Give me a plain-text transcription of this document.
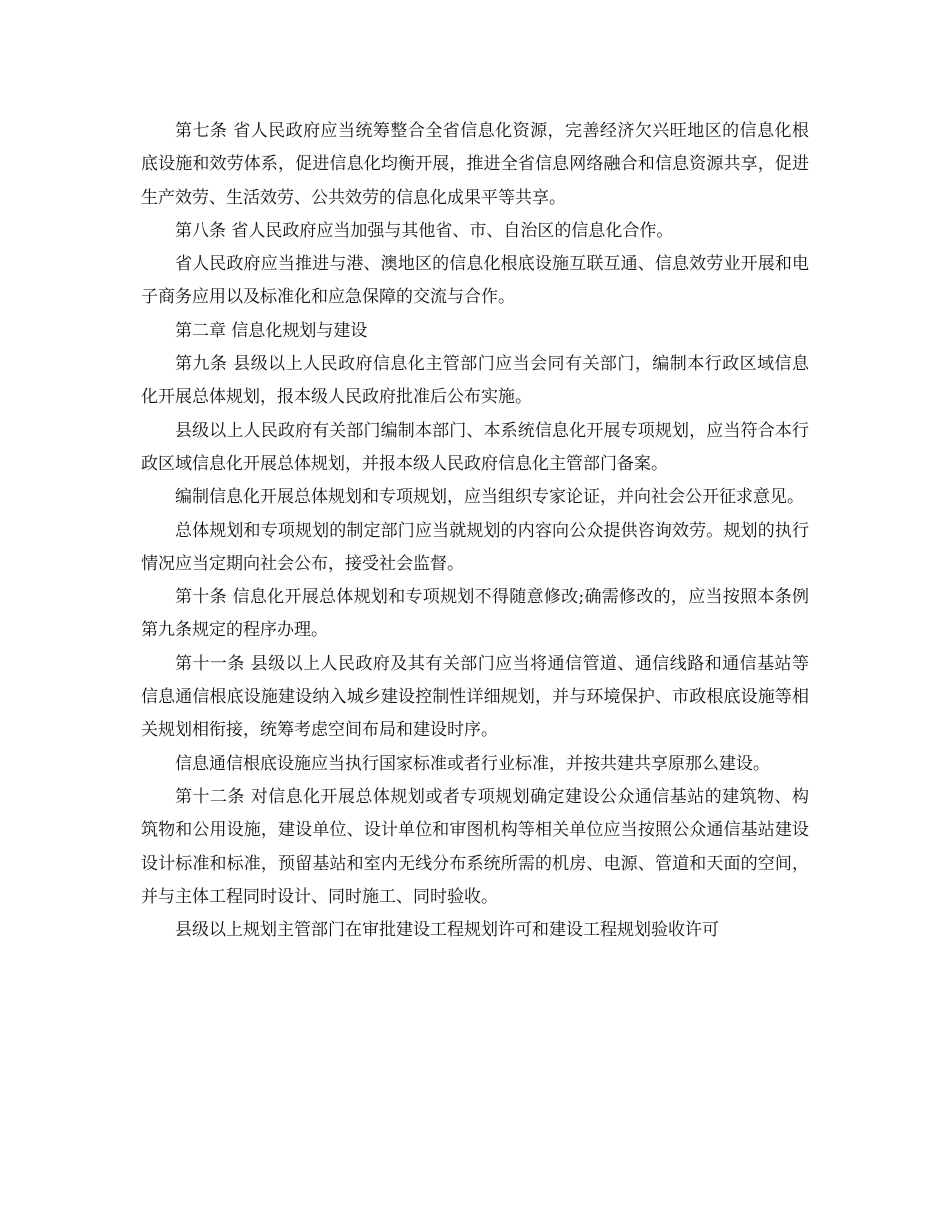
第七条 省人民政府应当统筹整合全省信息化资源，完善经济欠兴旺地区的信息化根底设施和效劳体系，促进信息化均衡开展，推进全省信息网络融合和信息资源共享，促进生产效劳、生活效劳、公共效劳的信息化成果平等共享。

第八条 省人民政府应当加强与其他省、市、自治区的信息化合作。

省人民政府应当推进与港、澳地区的信息化根底设施互联互通、信息效劳业开展和电子商务应用以及标准化和应急保障的交流与合作。

第二章 信息化规划与建设

第九条 县级以上人民政府信息化主管部门应当会同有关部门，编制本行政区域信息化开展总体规划，报本级人民政府批准后公布实施。

县级以上人民政府有关部门编制本部门、本系统信息化开展专项规划，应当符合本行政区域信息化开展总体规划，并报本级人民政府信息化主管部门备案。

编制信息化开展总体规划和专项规划，应当组织专家论证，并向社会公开征求意见。

总体规划和专项规划的制定部门应当就规划的内容向公众提供咨询效劳。规划的执行情况应当定期向社会公布，接受社会监督。

第十条 信息化开展总体规划和专项规划不得随意修改;确需修改的，应当按照本条例第九条规定的程序办理。

第十一条 县级以上人民政府及其有关部门应当将通信管道、通信线路和通信基站等信息通信根底设施建设纳入城乡建设控制性详细规划，并与环境保护、市政根底设施等相关规划相衔接，统筹考虑空间布局和建设时序。

信息通信根底设施应当执行国家标准或者行业标准，并按共建共享原那么建设。

第十二条 对信息化开展总体规划或者专项规划确定建设公众通信基站的建筑物、构筑物和公用设施，建设单位、设计单位和审图机构等相关单位应当按照公众通信基站建设设计标准和标准，预留基站和室内无线分布系统所需的机房、电源、管道和天面的空间，并与主体工程同时设计、同时施工、同时验收。

县级以上规划主管部门在审批建设工程规划许可和建设工程规划验收许可
